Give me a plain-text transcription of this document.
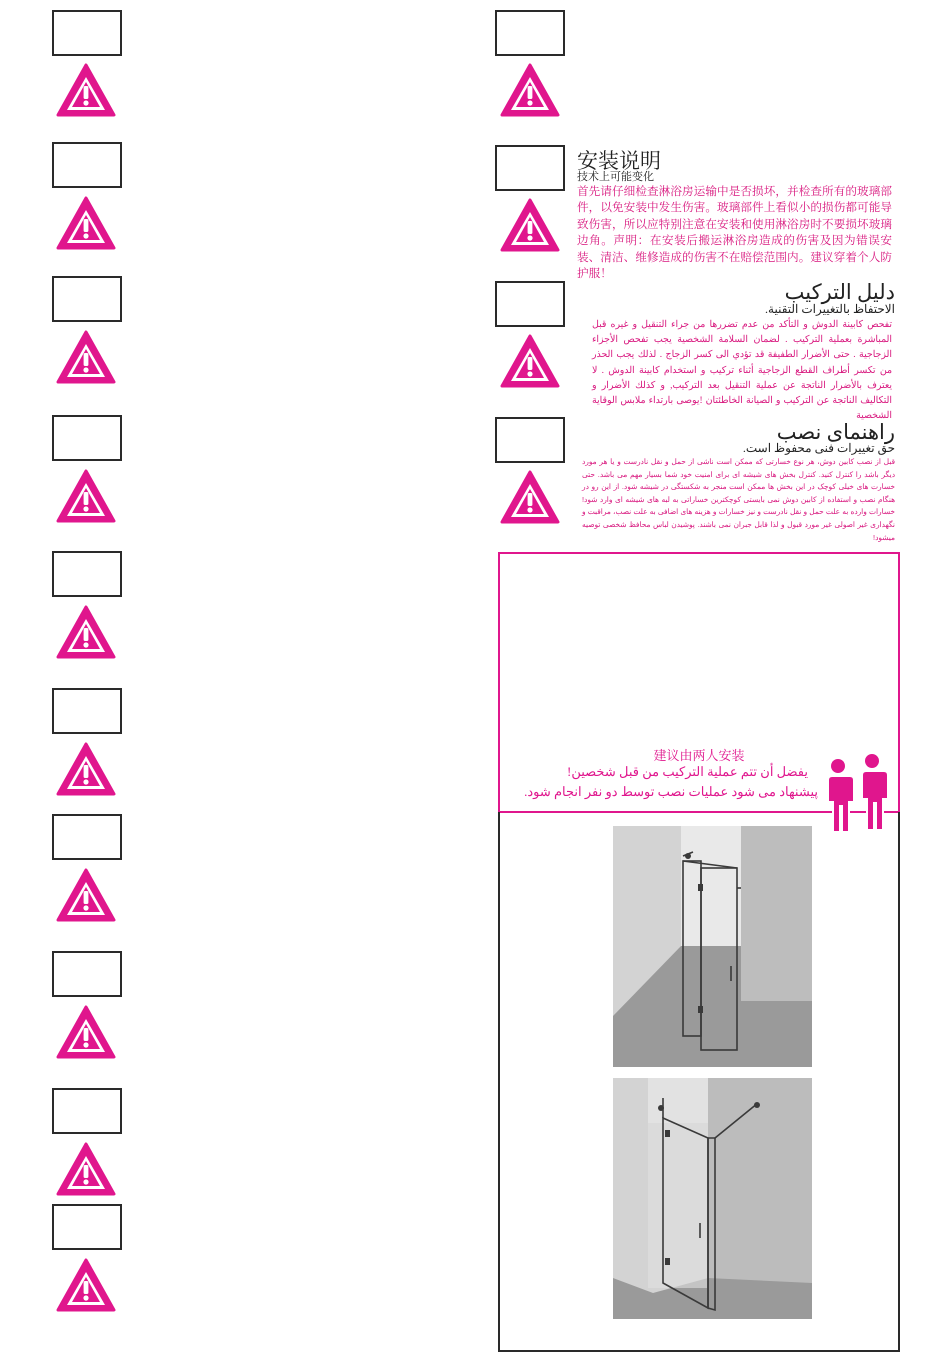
安装说明
技术上可能变化
首先请仔细检查淋浴房运输中是否损坏，并检查所有的玻璃部件，以免安装中发生伤害。玻璃部件上看似小的损伤都可能导致伤害，所以应特别注意在安装和使用淋浴房时不要损坏玻璃边角。声明：在安装后搬运淋浴房造成的伤害及因为错误安装、清洁、维修造成的伤害不在赔偿范围内。建议穿着个人防护服！
دليل التركيب
الاحتفاظ بالتغييرات التقنية.
تفحص كابينة الدوش و التأكد من عدم تضررها من جراء التنقيل و غيره قبل المباشرة بعملية التركيب . لضمان السلامة الشخصية يجب تفحص الأجزاء الزجاجية . حتى الأضرار الطفيفة قد تؤدي الى كسر الزجاج . لذلك يجب الحذر من تكسر أطراف القطع الزجاجية أثناء تركيب و استخدام كابينة الدوش . لا يعترف بالأضرار الناتجة عن عملية التنقيل بعد التركيب, و كذلك الأضرار و التكاليف الناتجة عن التركيب و الصيانة الخاطئتان !يوصى بارتداء ملابس الوقاية الشخصية
راهنمای نصب
حق تغییرات فنی محفوظ است.
قبل از نصب کابین دوش، هر نوع خسارتی که ممکن است ناشی از حمل و نقل نادرست و یا هر مورد دیگر باشد را کنترل کنید. کنترل بخش های شیشه ای برای امنیت خود شما بسیار مهم می باشد. حتی خسارت های خیلی کوچک در این بخش ها ممکن است منجر به شکستگی در شیشه شود. از این رو در هنگام نصب و استفاده از کابین دوش نمی بایستی کوچکترین خساراتی به لبه های شیشه ای وارد شود! خسارات وارده به علت حمل و نقل نادرست و نیز خسارات و هزینه های اضافی به علت نصب، مراقبت و نگهداری غیر اصولی غیر مورد قبول و لذا قابل جبران نمی باشند. پوشیدن لباس محافظ شخصی توصیه میشود!
建议由两人安装
يفضل أن تتم عملية التركيب من قبل شخصين!
پیشنهاد می شود عملیات نصب توسط دو نفر انجام شود.
